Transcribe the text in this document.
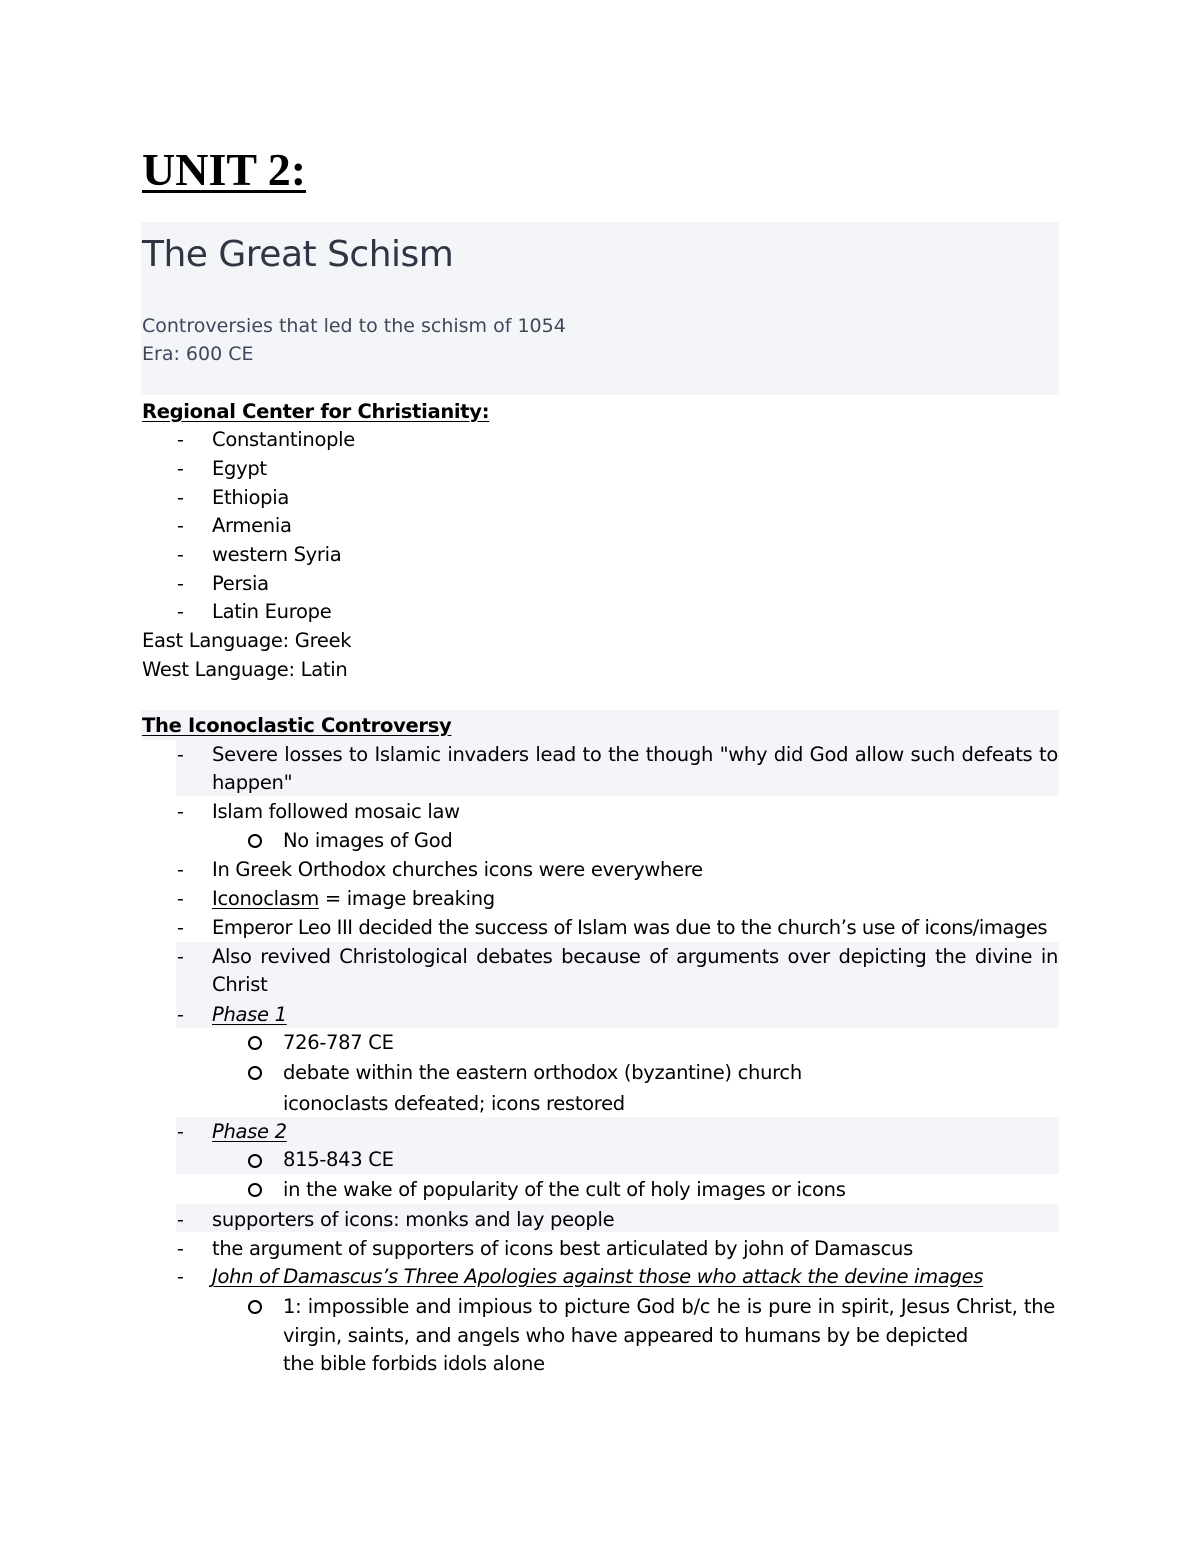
UNIT 2:
The Great Schism
Controversies that led to the schism of 1054
Era: 600 CE
Regional Center for Christianity:
- Constantinople
- Egypt
- Ethiopia
- Armenia
- western Syria
- Persia
- Latin Europe
East Language: Greek
West Language: Latin
The Iconoclastic Controversy
- Severe losses to Islamic invaders lead to the though "why did God allow such defeats to
happen"
- Islam followed mosaic law
No images of God
- In Greek Orthodox churches icons were everywhere
- Iconoclasm = image breaking
- Emperor Leo III decided the success of Islam was due to the church’s use of icons/images
- Also revived Christological debates because of arguments over depicting the divine in
Christ
- Phase 1
726-787 CE
debate within the eastern orthodox (byzantine) church
iconoclasts defeated; icons restored
- Phase 2
815-843 CE
in the wake of popularity of the cult of holy images or icons
- supporters of icons: monks and lay people
- the argument of supporters of icons best articulated by john of Damascus
- John of Damascus’s Three Apologies against those who attack the devine images
1: impossible and impious to picture God b/c he is pure in spirit, Jesus Christ, the
virgin, saints, and angels who have appeared to humans by be depicted
the bible forbids idols alone
